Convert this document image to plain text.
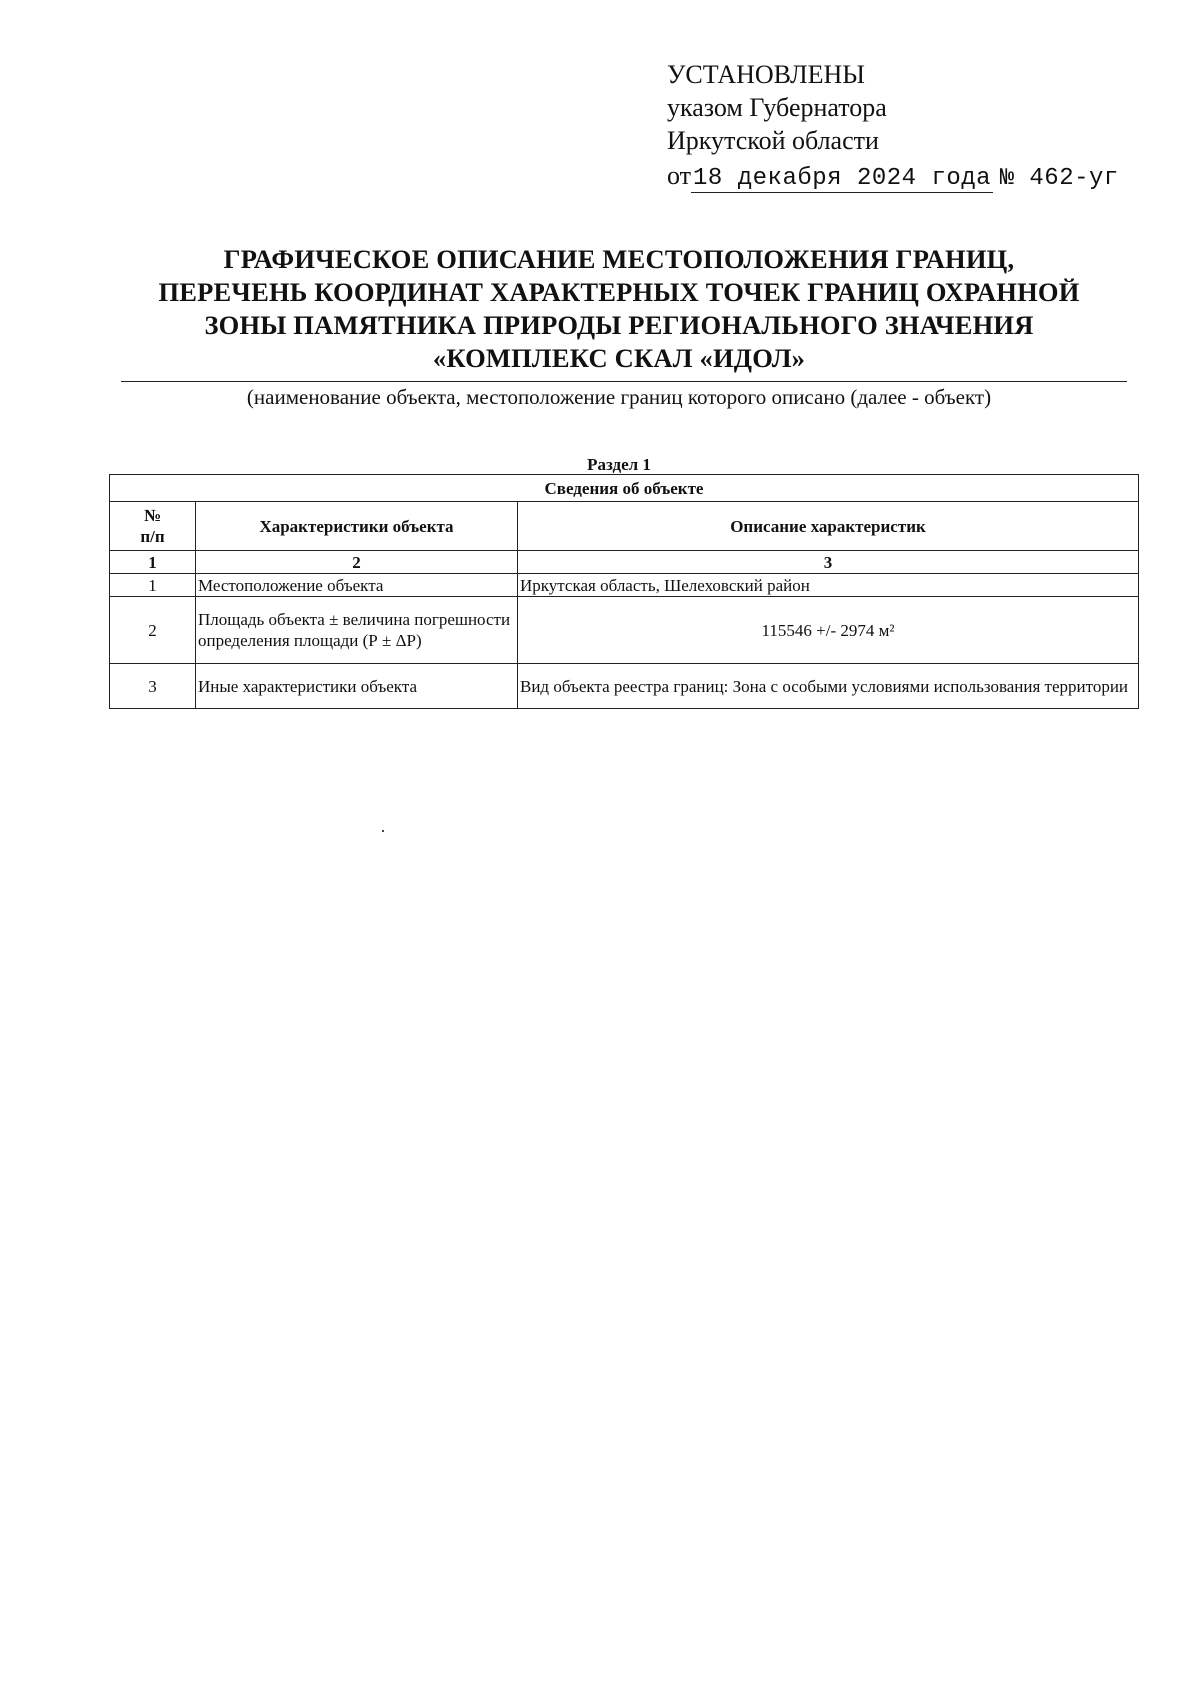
УСТАНОВЛЕНЫ
указом Губернатора
Иркутской области
от18 декабря 2024 года № 462-уг
ГРАФИЧЕСКОЕ ОПИСАНИЕ МЕСТОПОЛОЖЕНИЯ ГРАНИЦ,
ПЕРЕЧЕНЬ КООРДИНАТ ХАРАКТЕРНЫХ ТОЧЕК ГРАНИЦ ОХРАННОЙ
ЗОНЫ ПАМЯТНИКА ПРИРОДЫ РЕГИОНАЛЬНОГО ЗНАЧЕНИЯ
«КОМПЛЕКС СКАЛ «ИДОЛ»
(наименование объекта, местоположение границ которого описано (далее - объект)
Раздел 1
Сведения об объекте		

№
п/п	Характеристики объекта	Описание характеристик
1	2	3
1	Местоположение объекта	Иркутская область, Шелеховский район
2	Площадь объекта ± величина погрешности определения площади (Р ± ΔР)	115546 +/- 2974 м²
3	Иные характеристики объекта	Вид объекта реестра границ: Зона с особыми условиями использования территории
